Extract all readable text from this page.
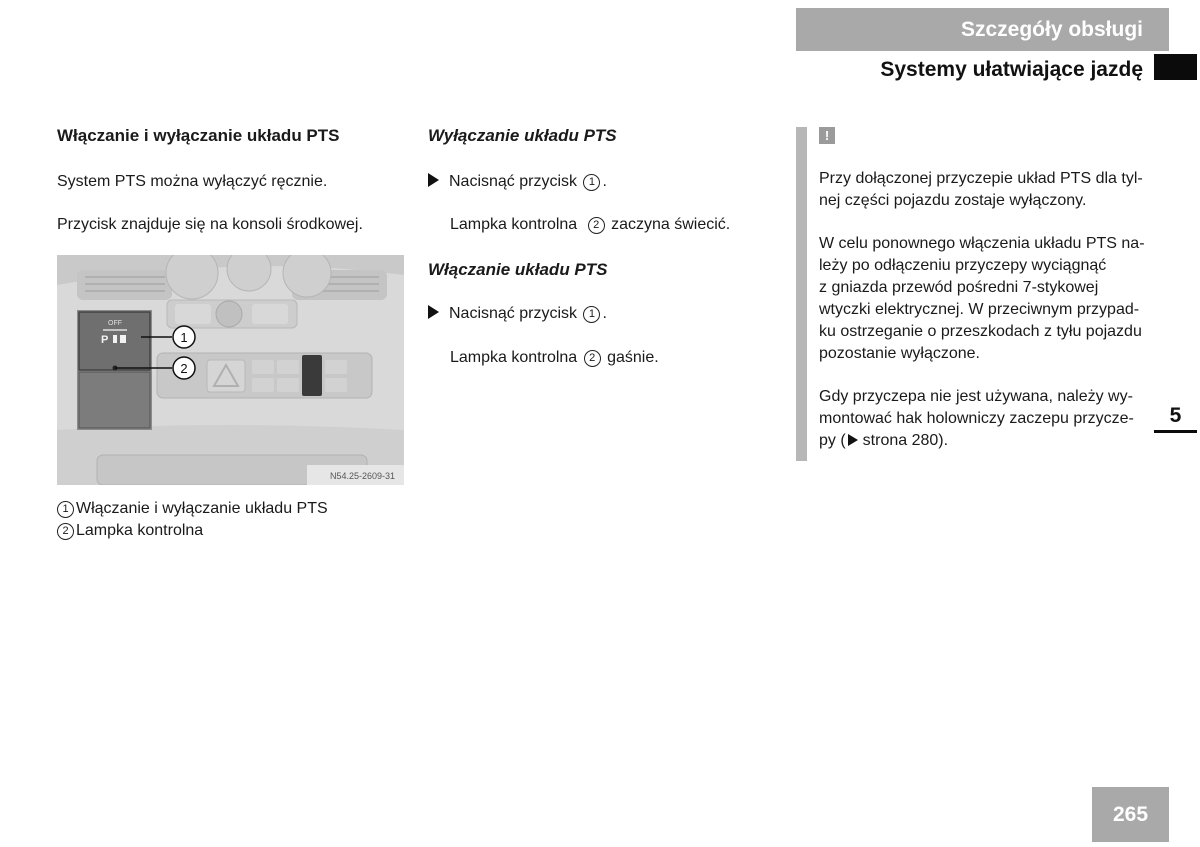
Szczegóły obsługi
Systemy ułatwiające jazdę
Włączanie i wyłączanie układu PTS
System PTS można wyłączyć ręcznie.
Przycisk znajduje się na konsoli środkowej.
OFF
P	1
2
N54.25-2609-31
1 Włączanie i wyłączanie układu PTS
2 Lampka kontrolna
Wyłączanie układu PTS
Nacisnąć przycisk 1 .
Lampka kontrolna 2 zaczyna świecić.
Włączanie układu PTS
Nacisnąć przycisk 1 .
Lampka kontrolna 2 gaśnie.
!
Przy dołączonej przyczepie układ PTS dla tyl-
nej części pojazdu zostaje wyłączony.
W celu ponownego włączenia układu PTS na-
leży po odłączeniu przyczepy wyciągnąć
z gniazda przewód pośredni 7-stykowej
wtyczki elektrycznej. W przeciwnym przypad-
ku ostrzeganie o przeszkodach z tyłu pojazdu
pozostanie wyłączone.
Gdy przyczepa nie jest używana, należy wy-
montować hak holowniczy zaczepu przycze-
py ( strona 280).
5
265
